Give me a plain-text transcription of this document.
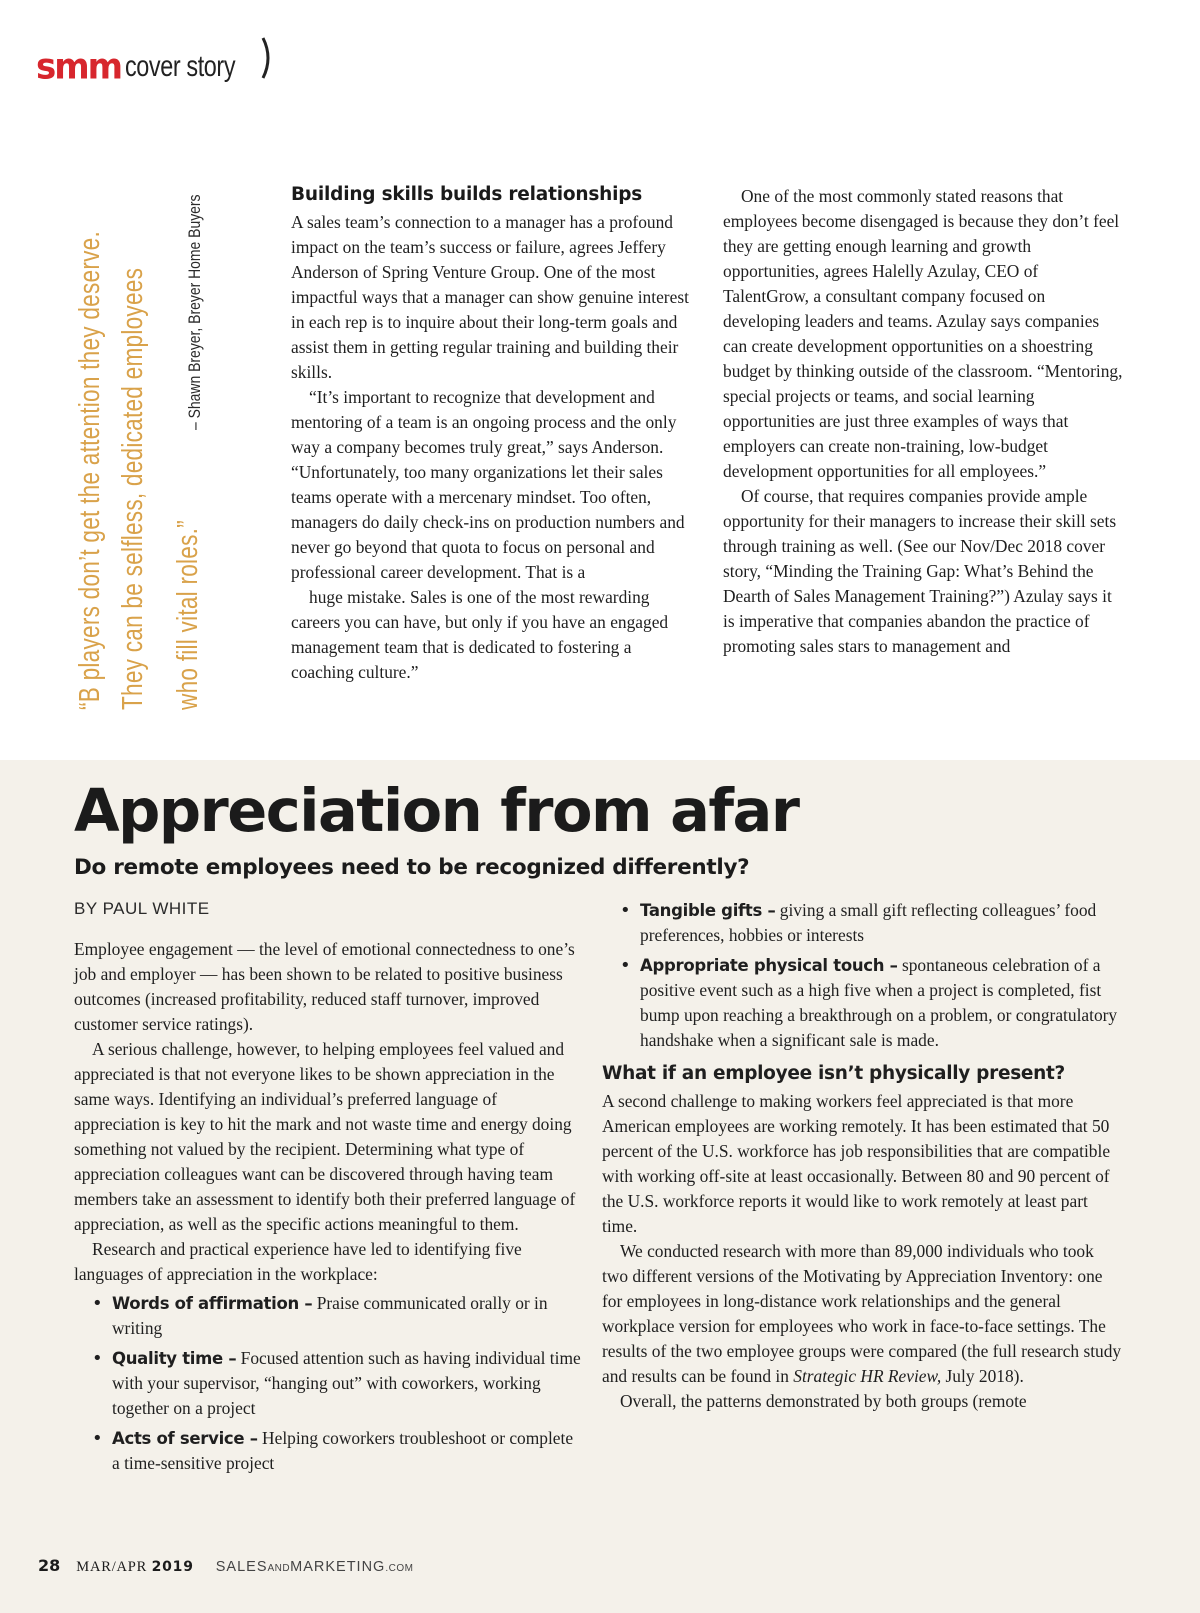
smm cover story
“B players don’t get the attention they deserve. They can be selfless, dedicated employees who fill vital roles.”
– Shawn Breyer, Breyer Home Buyers	Building skills builds relationships

A sales team’s connection to a manager has a profound impact on the team’s success or failure, agrees Jeffery Anderson of Spring Venture Group. One of the most impactful ways that a manager can show genuine interest in each rep is to inquire about their long-term goals and assist them in getting regular training and building their skills.

“It’s important to recognize that development and mentoring of a team is an ongoing process and the only way a company becomes truly great,” says Anderson. “Unfortunately, too many organizations let their sales teams operate with a mercenary mindset. Too often, managers do daily check-ins on production numbers and never go beyond that quota to focus on personal and professional career development. That is a

huge mistake. Sales is one of the most rewarding careers you can have, but only if you have an engaged management team that is dedicated to fostering a coaching culture.”

One of the most commonly stated reasons that employees become disengaged is because they don’t feel they are getting enough learning and growth opportunities, agrees Halelly Azulay, CEO of TalentGrow, a consultant company focused on developing leaders and teams. Azulay says companies can create development opportunities on a shoestring budget by thinking outside of the classroom. “Mentoring, special projects or teams, and social learning opportunities are just three examples of ways that employers can create non-training, low-budget development opportunities for all employees.”

Of course, that requires companies provide ample opportunity for their managers to increase their skill sets through training as well. (See our Nov/Dec 2018 cover story, “Minding the Training Gap: What’s Behind the Dearth of Sales Management Training?”) Azulay says it is imperative that companies abandon the practice of promoting sales stars to management and

Appreciation from afar
Do remote employees need to be recognized differently?
BY PAUL WHITE

Employee engagement — the level of emotional connectedness to one’s job and employer — has been shown to be related to positive business outcomes (increased profitability, reduced staff turnover, improved customer service ratings).

A serious challenge, however, to helping employees feel valued and appreciated is that not everyone likes to be shown appreciation in the same ways. Identifying an individual’s preferred language of appreciation is key to hit the mark and not waste time and energy doing something not valued by the recipient. Determining what type of appreciation colleagues want can be discovered through having team members take an assessment to identify both their preferred language of appreciation, as well as the specific actions meaningful to them.

Research and practical experience have led to identifying five languages of appreciation in the workplace:

• Words of affirmation – Praise communicated orally or in writing
• Quality time – Focused attention such as having individual time with your supervisor, “hanging out” with coworkers, working together on a project
• Acts of service – Helping coworkers troubleshoot or complete a time-sensitive project
• Tangible gifts – giving a small gift reflecting colleagues’ food preferences, hobbies or interests
• Appropriate physical touch – spontaneous celebration of a positive event such as a high five when a project is completed, fist bump upon reaching a breakthrough on a problem, or congratulatory handshake when a significant sale is made.
What if an employee isn’t physically present?

A second challenge to making workers feel appreciated is that more American employees are working remotely. It has been estimated that 50 percent of the U.S. workforce has job responsibilities that are compatible with working off-site at least occasionally. Between 80 and 90 percent of the U.S. workforce reports it would like to work remotely at least part time.

We conducted research with more than 89,000 individuals who took two different versions of the Motivating by Appreciation Inventory: one for employees in long-distance work relationships and the general workplace version for employees who work in face-to-face settings. The results of the two employee groups were compared (the full research study and results can be found in Strategic HR Review, July 2018).

Overall, the patterns demonstrated by both groups (remote

28 MAR/APR 2019 SALESANDMARKETING.COM
